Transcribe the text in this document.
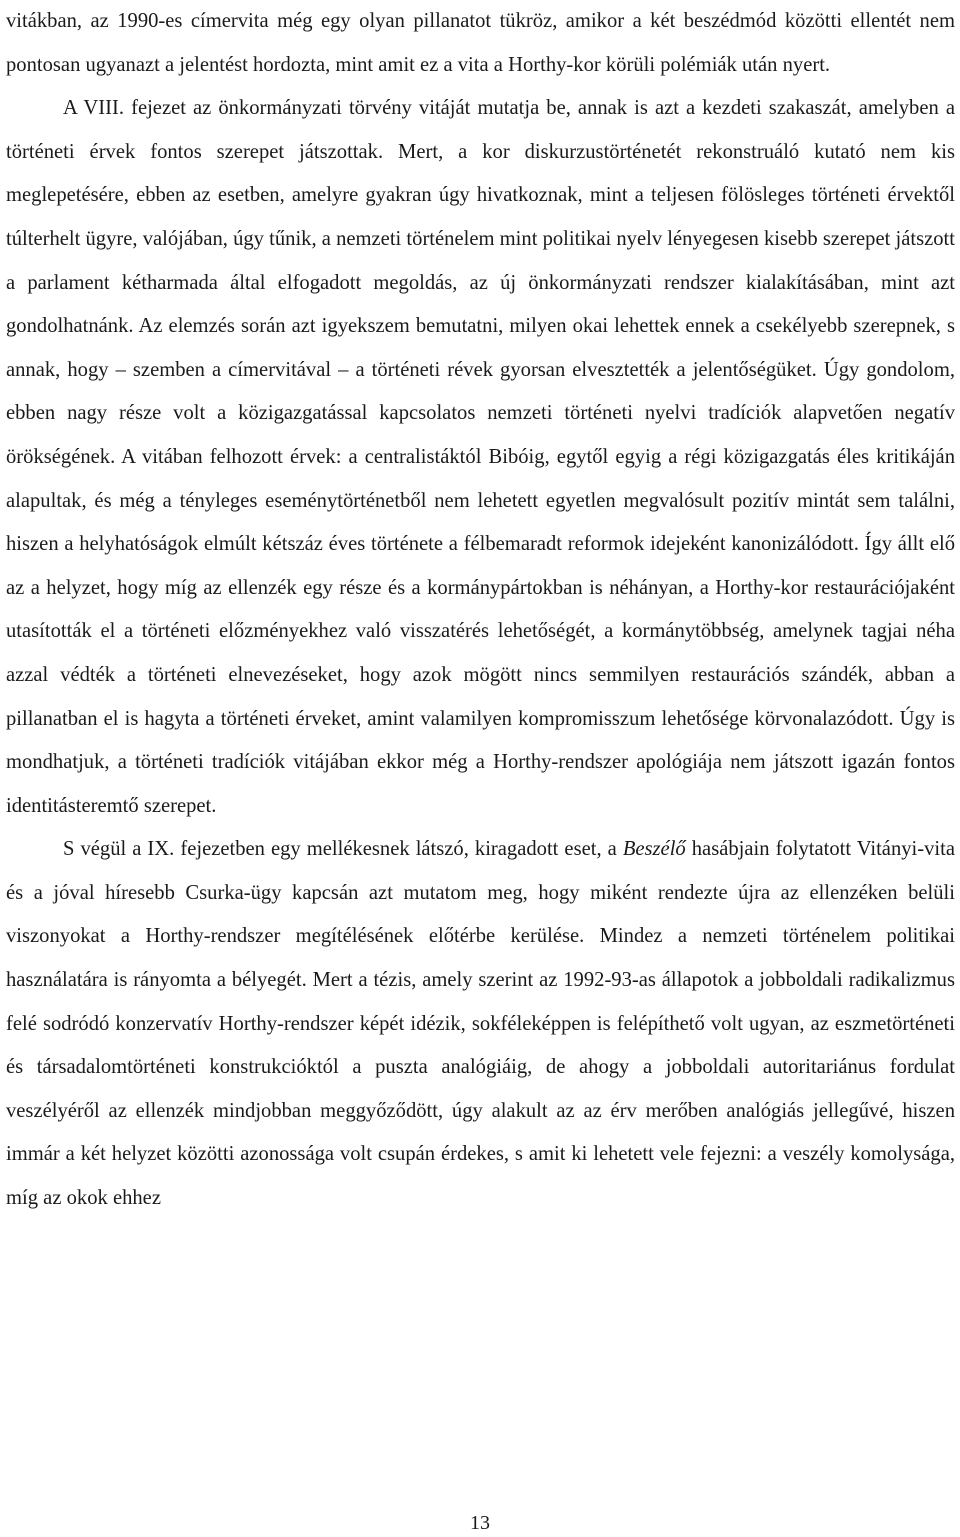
vitákban, az 1990-es címervita még egy olyan pillanatot tükröz, amikor a két beszédmód közötti ellentét nem pontosan ugyanazt a jelentést hordozta, mint amit ez a vita a Horthy-kor körüli polémiák után nyert.

A VIII. fejezet az önkormányzati törvény vitáját mutatja be, annak is azt a kezdeti szakaszát, amelyben a történeti érvek fontos szerepet játszottak. Mert, a kor diskurzustörténetét rekonstruáló kutató nem kis meglepetésére, ebben az esetben, amelyre gyakran úgy hivatkoznak, mint a teljesen fölösleges történeti érvektől túlterhelt ügyre, valójában, úgy tűnik, a nemzeti történelem mint politikai nyelv lényegesen kisebb szerepet játszott a parlament kétharmada által elfogadott megoldás, az új önkormányzati rendszer kialakításában, mint azt gondolhatnánk. Az elemzés során azt igyekszem bemutatni, milyen okai lehettek ennek a csekélyebb szerepnek, s annak, hogy – szemben a címervitával – a történeti révek gyorsan elvesztették a jelentőségüket. Úgy gondolom, ebben nagy része volt a közigazgatással kapcsolatos nemzeti történeti nyelvi tradíciók alapvetően negatív örökségének. A vitában felhozott érvek: a centralistáktól Bibóig, egytől egyig a régi közigazgatás éles kritikáján alapultak, és még a tényleges eseménytörténetből nem lehetett egyetlen megvalósult pozitív mintát sem találni, hiszen a helyhatóságok elmúlt kétszáz éves története a félbemaradt reformok idejeként kanonizálódott. Így állt elő az a helyzet, hogy míg az ellenzék egy része és a kormánypártokban is néhányan, a Horthy-kor restaurációjaként utasították el a történeti előzményekhez való visszatérés lehetőségét, a kormánytöbbség, amelynek tagjai néha azzal védték a történeti elnevezéseket, hogy azok mögött nincs semmilyen restaurációs szándék, abban a pillanatban el is hagyta a történeti érveket, amint valamilyen kompromisszum lehetősége körvonalazódott. Úgy is mondhatjuk, a történeti tradíciók vitájában ekkor még a Horthy-rendszer apológiája nem játszott igazán fontos identitásteremtő szerepet.

S végül a IX. fejezetben egy mellékesnek látszó, kiragadott eset, a Beszélő hasábjain folytatott Vitányi-vita és a jóval híresebb Csurka-ügy kapcsán azt mutatom meg, hogy miként rendezte újra az ellenzéken belüli viszonyokat a Horthy-rendszer megítélésének előtérbe kerülése. Mindez a nemzeti történelem politikai használatára is rányomta a bélyegét. Mert a tézis, amely szerint az 1992-93-as állapotok a jobboldali radikalizmus felé sodródó konzervatív Horthy-rendszer képét idézik, sokféleképpen is felépíthető volt ugyan, az eszmetörténeti és társadalomtörténeti konstrukcióktól a puszta analógiáig, de ahogy a jobboldali autoritariánus fordulat veszélyéről az ellenzék mindjobban meggyőződött, úgy alakult az az érv merőben analógiás jellegűvé, hiszen immár a két helyzet közötti azonossága volt csupán érdekes, s amit ki lehetett vele fejezni: a veszély komolysága, míg az okok ehhez

13
